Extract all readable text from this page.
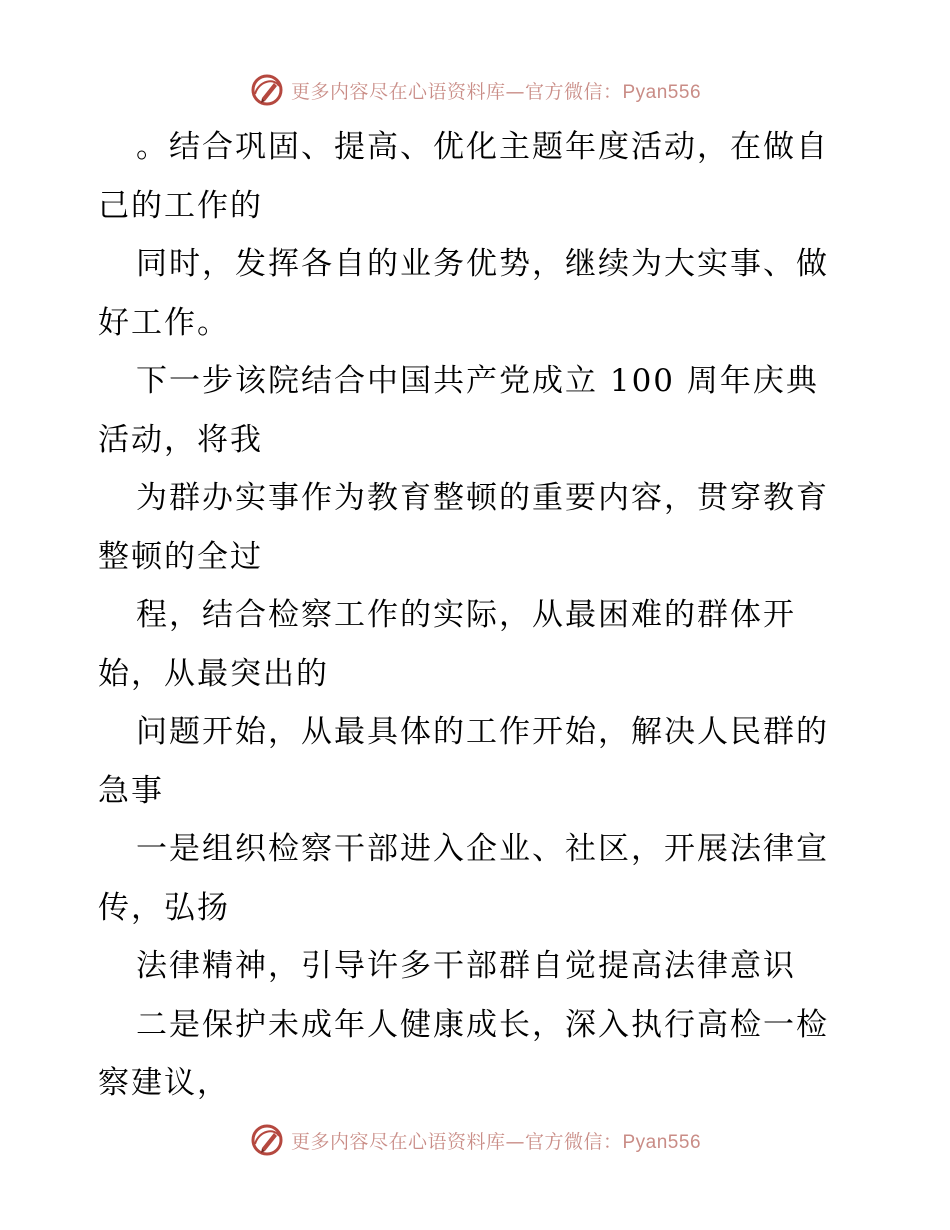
更多内容尽在心语资料库—官方微信：Pyan556
。结合巩固、提高、优化主题年度活动，在做自
己的工作的
同时，发挥各自的业务优势，继续为大实事、做
好工作。
下一步该院结合中国共产党成立 100 周年庆典
活动，将我
为群办实事作为教育整顿的重要内容，贯穿教育
整顿的全过
程，结合检察工作的实际，从最困难的群体开
始，从最突出的
问题开始，从最具体的工作开始，解决人民群的
急事
一是组织检察干部进入企业、社区，开展法律宣
传，弘扬
法律精神，引导许多干部群自觉提高法律意识
二是保护未成年人健康成长，深入执行高检一检
察建议，
更多内容尽在心语资料库—官方微信：Pyan556
